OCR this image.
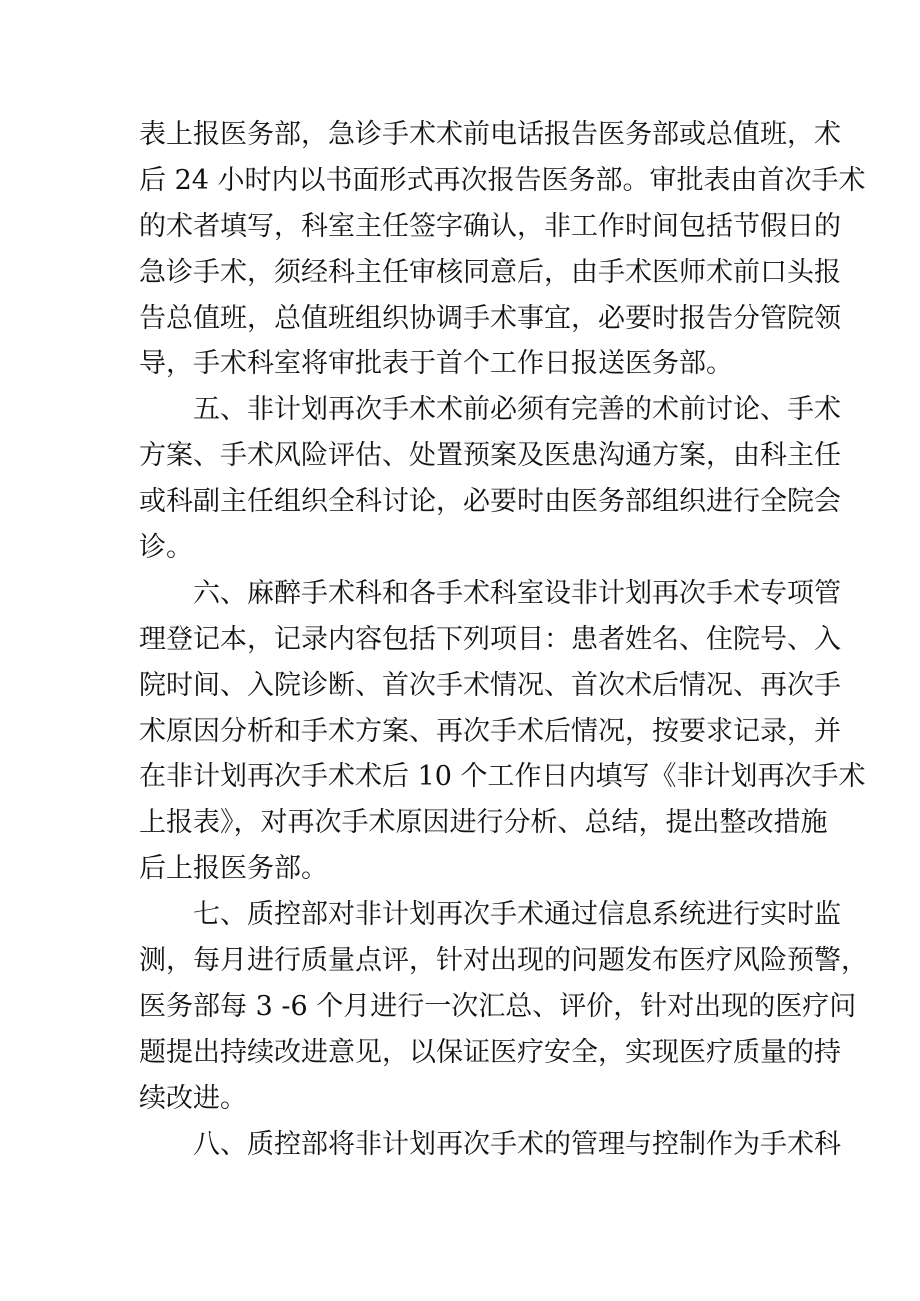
表上报医务部，急诊手术术前电话报告医务部或总值班，术
后 24 小时内以书面形式再次报告医务部。审批表由首次手术
的术者填写，科室主任签字确认，非工作时间包括节假日的
急诊手术，须经科主任审核同意后，由手术医师术前口头报
告总值班，总值班组织协调手术事宜，必要时报告分管院领
导，手术科室将审批表于首个工作日报送医务部。
五、非计划再次手术术前必须有完善的术前讨论、手术
方案、手术风险评估、处置预案及医患沟通方案，由科主任
或科副主任组织全科讨论，必要时由医务部组织进行全院会
诊。
六、麻醉手术科和各手术科室设非计划再次手术专项管
理登记本，记录内容包括下列项目：患者姓名、住院号、入
院时间、入院诊断、首次手术情况、首次术后情况、再次手
术原因分析和手术方案、再次手术后情况，按要求记录，并
在非计划再次手术术后 10 个工作日内填写《非计划再次手术
上报表》，对再次手术原因进行分析、总结，提出整改措施
后上报医务部。
七、质控部对非计划再次手术通过信息系统进行实时监
测，每月进行质量点评，针对出现的问题发布医疗风险预警，
医务部每 3 -6 个月进行一次汇总、评价，针对出现的医疗问
题提出持续改进意见，以保证医疗安全，实现医疗质量的持
续改进。
八、质控部将非计划再次手术的管理与控制作为手术科
